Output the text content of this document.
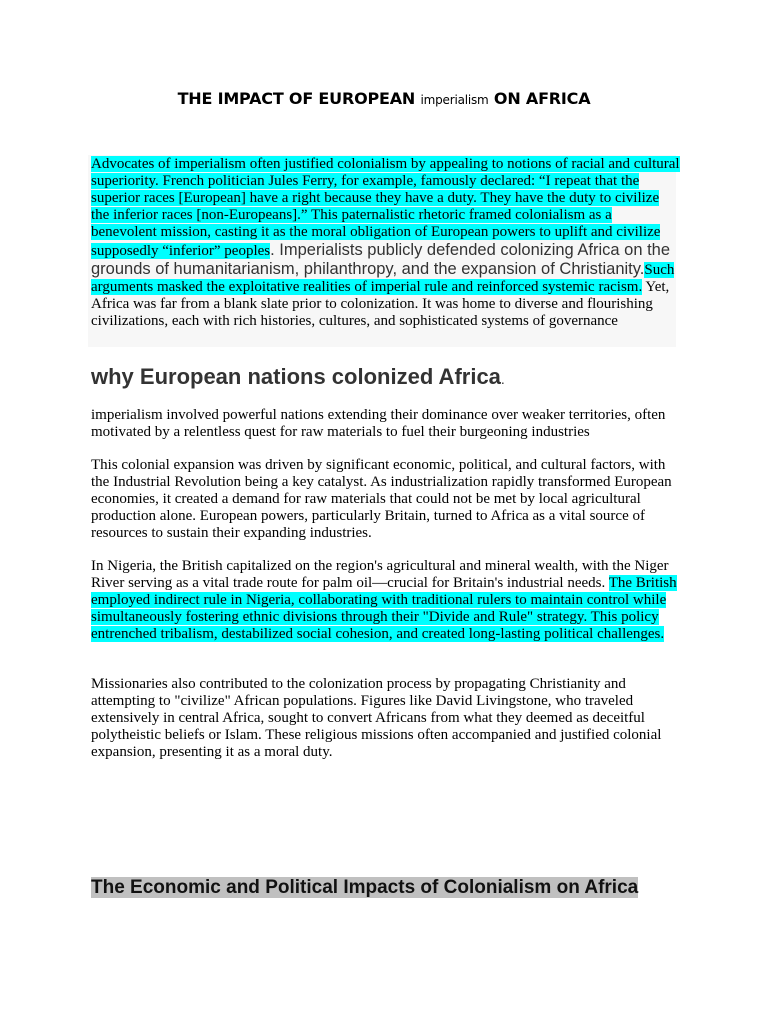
THE IMPACT OF EUROPEAN imperialism ON AFRICA

Advocates of imperialism often justified colonialism by appealing to notions of racial and cultural superiority. French politician Jules Ferry, for example, famously declared: “I repeat that the superior races [European] have a right because they have a duty. They have the duty to civilize the inferior races [non-Europeans].” This paternalistic rhetoric framed colonialism as a benevolent mission, casting it as the moral obligation of European powers to uplift and civilize supposedly “inferior” peoples. Imperialists publicly defended colonizing Africa on the grounds of humanitarianism, philanthropy, and the expansion of Christianity.Such arguments masked the exploitative realities of imperial rule and reinforced systemic racism. Yet, Africa was far from a blank slate prior to colonization. It was home to diverse and flourishing civilizations, each with rich histories, cultures, and sophisticated systems of governance

why European nations colonized Africa.

imperialism involved powerful nations extending their dominance over weaker territories, often motivated by a relentless quest for raw materials to fuel their burgeoning industries

This colonial expansion was driven by significant economic, political, and cultural factors, with the Industrial Revolution being a key catalyst. As industrialization rapidly transformed European economies, it created a demand for raw materials that could not be met by local agricultural production alone. European powers, particularly Britain, turned to Africa as a vital source of resources to sustain their expanding industries.

In Nigeria, the British capitalized on the region's agricultural and mineral wealth, with the Niger River serving as a vital trade route for palm oil—crucial for Britain's industrial needs. The British employed indirect rule in Nigeria, collaborating with traditional rulers to maintain control while simultaneously fostering ethnic divisions through their "Divide and Rule" strategy. This policy entrenched tribalism, destabilized social cohesion, and created long-lasting political challenges.

Missionaries also contributed to the colonization process by propagating Christianity and attempting to "civilize" African populations. Figures like David Livingstone, who traveled extensively in central Africa, sought to convert Africans from what they deemed as deceitful polytheistic beliefs or Islam. These religious missions often accompanied and justified colonial expansion, presenting it as a moral duty.

The Economic and Political Impacts of Colonialism on Africa
